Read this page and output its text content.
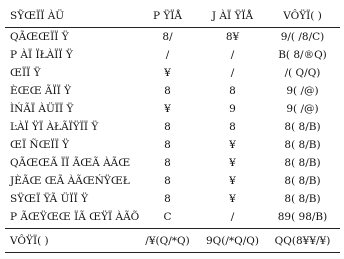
SỸŒÏÏ ÀÜ	P ŸÏÅ	J ÀÏ ŸÏÅ	VÔŸÏ( )
QÃŒŒÏÏ Ÿ	8/	8¥	9/( /8/C)
P ÀÏ ÏŁÀÏÏ Ÿ	/	/	B( 8/®Q)
ŒÏÏ Ÿ	¥	/	/( Q/Q)
ÈŒŒ ÃÏÏ Ÿ	8	8	9( /@)
ÌŃÃÏ ÀÜÏÏ Ÿ	¥	9	9( /@)
ĿÀÏ ŸÏ ÀŁÃÏŸÏÏ Ÿ	8	8	8( 8/B)
ŒÏ ÑŒÏÏ Ÿ	8	¥	8( 8/B)
QÃŒŒÃ ÏÏ ÃŒÃ ÀÃŒ	8	¥	8( 8/B)
JÈÃŒ ŒÃ ÀÃŒŃŸŒŁ	8	¥	8( 8/B)
SŸŒÏ ŸÃ ÜÏÏ Ÿ	8	¥	8( 8/B)
P ÃŒŸŒŒ ÏÃ ŒŸÏ ÀÃÕ	C	/	89( 98/B)
VÔŸÏ( )	/¥(Q/*Q)	9Q(/*Q/Q)	QQ(8¥¥/¥)
